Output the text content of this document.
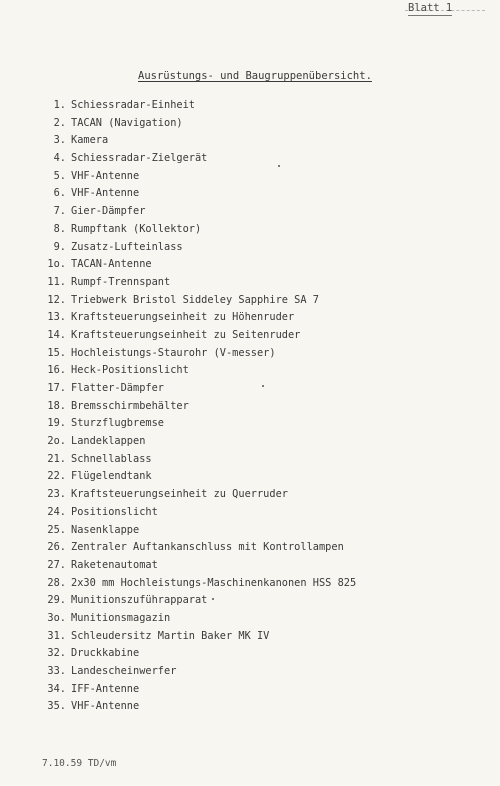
Blatt 1
Ausrüstungs- und Baugruppenübersicht.
1. Schiessradar-Einheit
2. TACAN (Navigation)
3. Kamera
4. Schiessradar-Zielgerät
5. VHF-Antenne
6. VHF-Antenne
7. Gier-Dämpfer
8. Rumpftank (Kollektor)
9. Zusatz-Lufteinlass
1o. TACAN-Antenne
11. Rumpf-Trennspant
12. Triebwerk Bristol Siddeley Sapphire SA 7
13. Kraftsteuerungseinheit zu Höhenruder
14. Kraftsteuerungseinheit zu Seitenruder
15. Hochleistungs-Staurohr (V-messer)
16. Heck-Positionslicht
17. Flatter-Dämpfer
18. Bremsschirmbehälter
19. Sturzflugbremse
2o. Landeklappen
21. Schnellablass
22. Flügelendtank
23. Kraftsteuerungseinheit zu Querruder
24. Positionslicht
25. Nasenklappe
26. Zentraler Auftankanschluss mit Kontrollampen
27. Raketenautomat
28. 2x30 mm Hochleistungs-Maschinenkanonen HSS 825
29. Munitionszuführapparat
3o. Munitionsmagazin
31. Schleudersitz Martin Baker MK IV
32. Druckkabine
33. Landescheinwerfer
34. IFF-Antenne
35. VHF-Antenne
7.10.59 TD/vm
